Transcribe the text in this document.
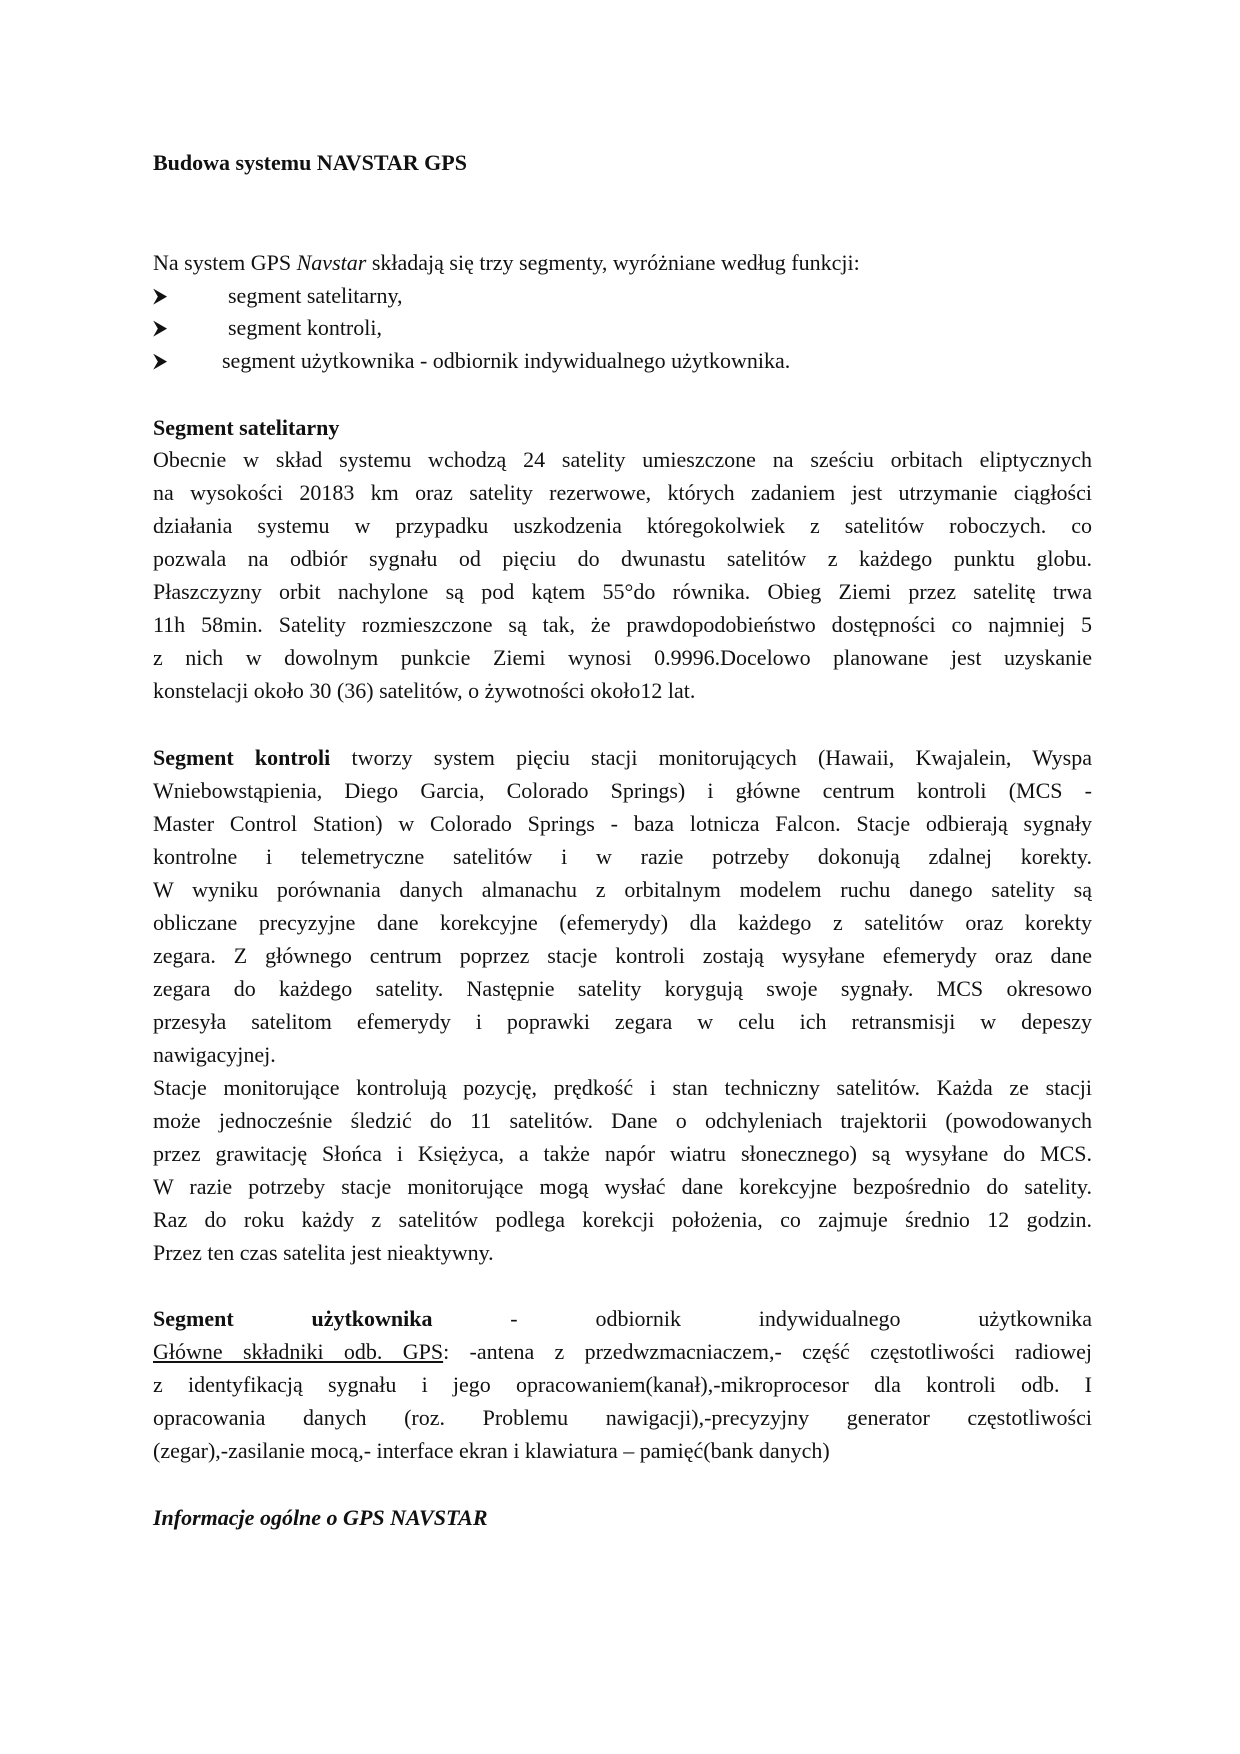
Budowa systemu NAVSTAR GPS
Na system GPS Navstar składają się trzy segmenty, wyróżniane według funkcji:
⮞	segment satelitarny,
⮞	segment kontroli,
⮞ segment użytkownika - odbiornik indywidualnego użytkownika.
Segment satelitarny
Obecnie w skład systemu wchodzą 24 satelity umieszczone na sześciu orbitach eliptycznych
na wysokości 20183 km oraz satelity rezerwowe, których zadaniem jest utrzymanie ciągłości
działania systemu w przypadku uszkodzenia któregokolwiek z satelitów roboczych. co
pozwala na odbiór sygnału od pięciu do dwunastu satelitów z każdego punktu globu.
Płaszczyzny orbit nachylone są pod kątem 55°do równika. Obieg Ziemi przez satelitę trwa
11h 58min. Satelity rozmieszczone są tak, że prawdopodobieństwo dostępności co najmniej 5
z nich w dowolnym punkcie Ziemi wynosi 0.9996.Docelowo planowane jest uzyskanie
konstelacji około 30 (36) satelitów, o żywotności około12 lat.
Segment kontroli tworzy system pięciu stacji monitorujących (Hawaii, Kwajalein, Wyspa
Wniebowstąpienia, Diego Garcia, Colorado Springs) i główne centrum kontroli (MCS -
Master Control Station) w Colorado Springs - baza lotnicza Falcon. Stacje odbierają sygnały
kontrolne i telemetryczne satelitów i w razie potrzeby dokonują zdalnej korekty.
W wyniku porównania danych almanachu z orbitalnym modelem ruchu danego satelity są
obliczane precyzyjne dane korekcyjne (efemerydy) dla każdego z satelitów oraz korekty
zegara. Z głównego centrum poprzez stacje kontroli zostają wysyłane efemerydy oraz dane
zegara do każdego satelity. Następnie satelity korygują swoje sygnały. MCS okresowo
przesyła satelitom efemerydy i poprawki zegara w celu ich retransmisji w depeszy
nawigacyjnej.
Stacje monitorujące kontrolują pozycję, prędkość i stan techniczny satelitów. Każda ze stacji
może jednocześnie śledzić do 11 satelitów. Dane o odchyleniach trajektorii (powodowanych
przez grawitację Słońca i Księżyca, a także napór wiatru słonecznego) są wysyłane do MCS.
W razie potrzeby stacje monitorujące mogą wysłać dane korekcyjne bezpośrednio do satelity.
Raz do roku każdy z satelitów podlega korekcji położenia, co zajmuje średnio 12 godzin.
Przez ten czas satelita jest nieaktywny.
Segment użytkownika - odbiornik indywidualnego użytkownika
Główne składniki odb. GPS: -antena z przedwzmacniaczem,- część częstotliwości radiowej
z identyfikacją sygnału i jego opracowaniem(kanał),-mikroprocesor dla kontroli odb. I
opracowania danych (roz. Problemu nawigacji),-precyzyjny generator częstotliwości
(zegar),-zasilanie mocą,- interface ekran i klawiatura – pamięć(bank danych)
Informacje ogólne o GPS NAVSTAR
